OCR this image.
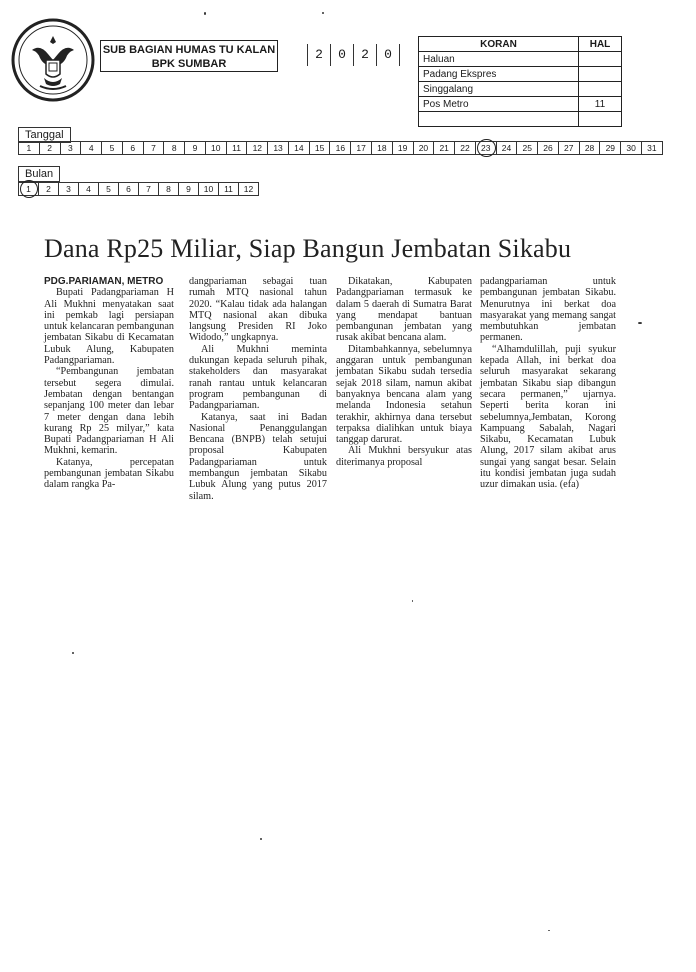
SUB BAGIAN HUMAS TU KALAN
BPK SUMBAR
2	0	2	0
KORAN	HAL
Haluan	
Padang Ekspres	
Singgalang	
Pos Metro	11

Tanggal
1	2	3	4	5	6	7	8	9	10	11	12	13	14	15	16	17	18	19	20	21	22	23	24	25	26	27	28	29	30	31
Bulan
1	2	3	4	5	6	7	8	9	10	11	12
Dana Rp25 Miliar, Siap Bangun Jembatan Sikabu

PDG.PARIAMAN, METRO

Bupati Padangpariaman H Ali Mukhni menyatakan saat ini pemkab lagi persiapan untuk kelancaran pembangunan jembatan Sikabu di Kecamatan Lubuk Alung, Kabupaten Padangpariaman.

“Pembangunan jembatan tersebut segera dimulai. Jembatan dengan bentangan sepanjang 100 meter dan lebar 7 meter dengan dana lebih kurang Rp 25 milyar,” kata Bupati Padangpariaman H Ali Mukhni, kemarin.

Katanya, percepatan pembangunan jembatan Sikabu dalam rangka Pa-

dangpariaman sebagai tuan rumah MTQ nasional tahun 2020. “Kalau tidak ada halangan MTQ nasional akan dibuka langsung Presiden RI Joko Widodo,” ungkapnya.

Ali Mukhni meminta dukungan kepada seluruh pihak, stakeholders dan masyarakat ranah rantau untuk kelancaran program pembangunan di Padangpariaman.

Katanya, saat ini Badan Nasional Penanggulangan Bencana (BNPB) telah setujui proposal Kabupaten Padangpariaman untuk membangun jembatan Sikabu Lubuk Alung yang putus 2017 silam.

Dikatakan, Kabupaten Padangpariaman termasuk ke dalam 5 daerah di Sumatra Barat yang mendapat bantuan pembangunan jembatan yang rusak akibat bencana alam.

Ditambahkannya, sebelumnya anggaran untuk pembangunan jembatan Sikabu sudah tersedia sejak 2018 silam, namun akibat banyaknya bencana alam yang melanda Indonesia setahun terakhir, akhirnya dana tersebut terpaksa dialihkan untuk biaya tanggap darurat.

Ali Mukhni bersyukur atas diterimanya proposal

padangpariaman untuk pembangunan jembatan Sikabu. Menurutnya ini berkat doa masyarakat yang memang sangat membutuhkan jembatan permanen.

“Alhamdulillah, puji syukur kepada Allah, ini berkat doa seluruh masyarakat sekarang jembatan Sikabu siap dibangun secara permanen,” ujarnya. Seperti berita koran ini sebelumnya,Jembatan, Korong Kampuang Sabalah, Nagari Sikabu, Kecamatan Lubuk Alung, 2017 silam akibat arus sungai yang sangat besar. Selain itu kondisi jembatan juga sudah uzur dimakan usia. (efa)
